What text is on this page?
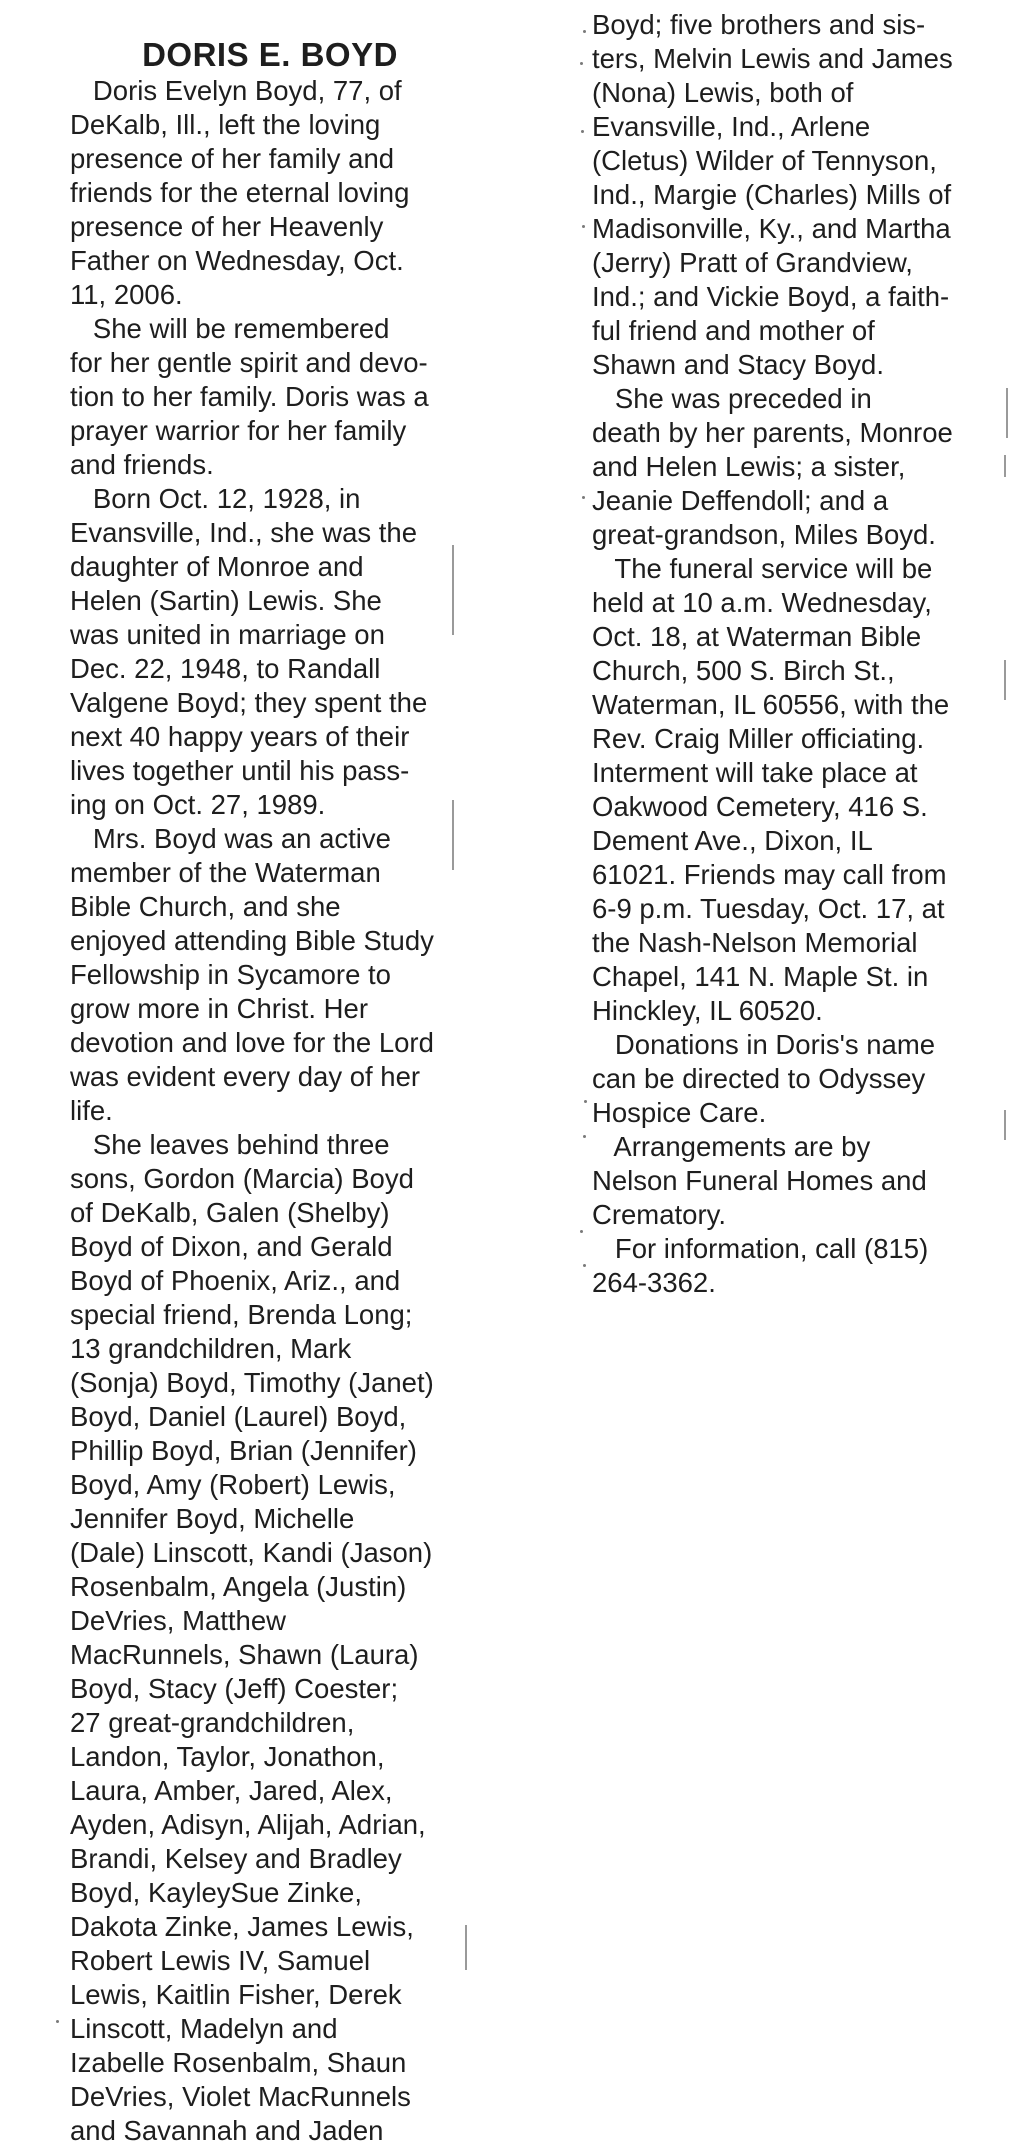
DORIS E. BOYD
Doris Evelyn Boyd, 77, of
DeKalb, Ill., left the loving
presence of her family and
friends for the eternal loving
presence of her Heavenly
Father on Wednesday, Oct.
11, 2006.
She will be remembered
for her gentle spirit and devo-
tion to her family. Doris was a
prayer warrior for her family
and friends.
Born Oct. 12, 1928, in
Evansville, Ind., she was the
daughter of Monroe and
Helen (Sartin) Lewis. She
was united in marriage on
Dec. 22, 1948, to Randall
Valgene Boyd; they spent the
next 40 happy years of their
lives together until his pass-
ing on Oct. 27, 1989.
Mrs. Boyd was an active
member of the Waterman
Bible Church, and she
enjoyed attending Bible Study
Fellowship in Sycamore to
grow more in Christ. Her
devotion and love for the Lord
was evident every day of her
life.
She leaves behind three
sons, Gordon (Marcia) Boyd
of DeKalb, Galen (Shelby)
Boyd of Dixon, and Gerald
Boyd of Phoenix, Ariz., and
special friend, Brenda Long;
13 grandchildren, Mark
(Sonja) Boyd, Timothy (Janet)
Boyd, Daniel (Laurel) Boyd,
Phillip Boyd, Brian (Jennifer)
Boyd, Amy (Robert) Lewis,
Jennifer Boyd, Michelle
(Dale) Linscott, Kandi (Jason)
Rosenbalm, Angela (Justin)
DeVries, Matthew
MacRunnels, Shawn (Laura)
Boyd, Stacy (Jeff) Coester;
27 great-grandchildren,
Landon, Taylor, Jonathon,
Laura, Amber, Jared, Alex,
Ayden, Adisyn, Alijah, Adrian,
Brandi, Kelsey and Bradley
Boyd, KayleySue Zinke,
Dakota Zinke, James Lewis,
Robert Lewis IV, Samuel
Lewis, Kaitlin Fisher, Derek
Linscott, Madelyn and
Izabelle Rosenbalm, Shaun
DeVries, Violet MacRunnels
and Savannah and Jaden
Boyd; five brothers and sis-
ters, Melvin Lewis and James
(Nona) Lewis, both of
Evansville, Ind., Arlene
(Cletus) Wilder of Tennyson,
Ind., Margie (Charles) Mills of
Madisonville, Ky., and Martha
(Jerry) Pratt of Grandview,
Ind.; and Vickie Boyd, a faith-
ful friend and mother of
Shawn and Stacy Boyd.
She was preceded in
death by her parents, Monroe
and Helen Lewis; a sister,
Jeanie Deffendoll; and a
great-grandson, Miles Boyd.
The funeral service will be
held at 10 a.m. Wednesday,
Oct. 18, at Waterman Bible
Church, 500 S. Birch St.,
Waterman, IL 60556, with the
Rev. Craig Miller officiating.
Interment will take place at
Oakwood Cemetery, 416 S.
Dement Ave., Dixon, IL
61021. Friends may call from
6-9 p.m. Tuesday, Oct. 17, at
the Nash-Nelson Memorial
Chapel, 141 N. Maple St. in
Hinckley, IL 60520.
Donations in Doris's name
can be directed to Odyssey
Hospice Care.
Arrangements are by
Nelson Funeral Homes and
Crematory.
For information, call (815)
264-3362.
